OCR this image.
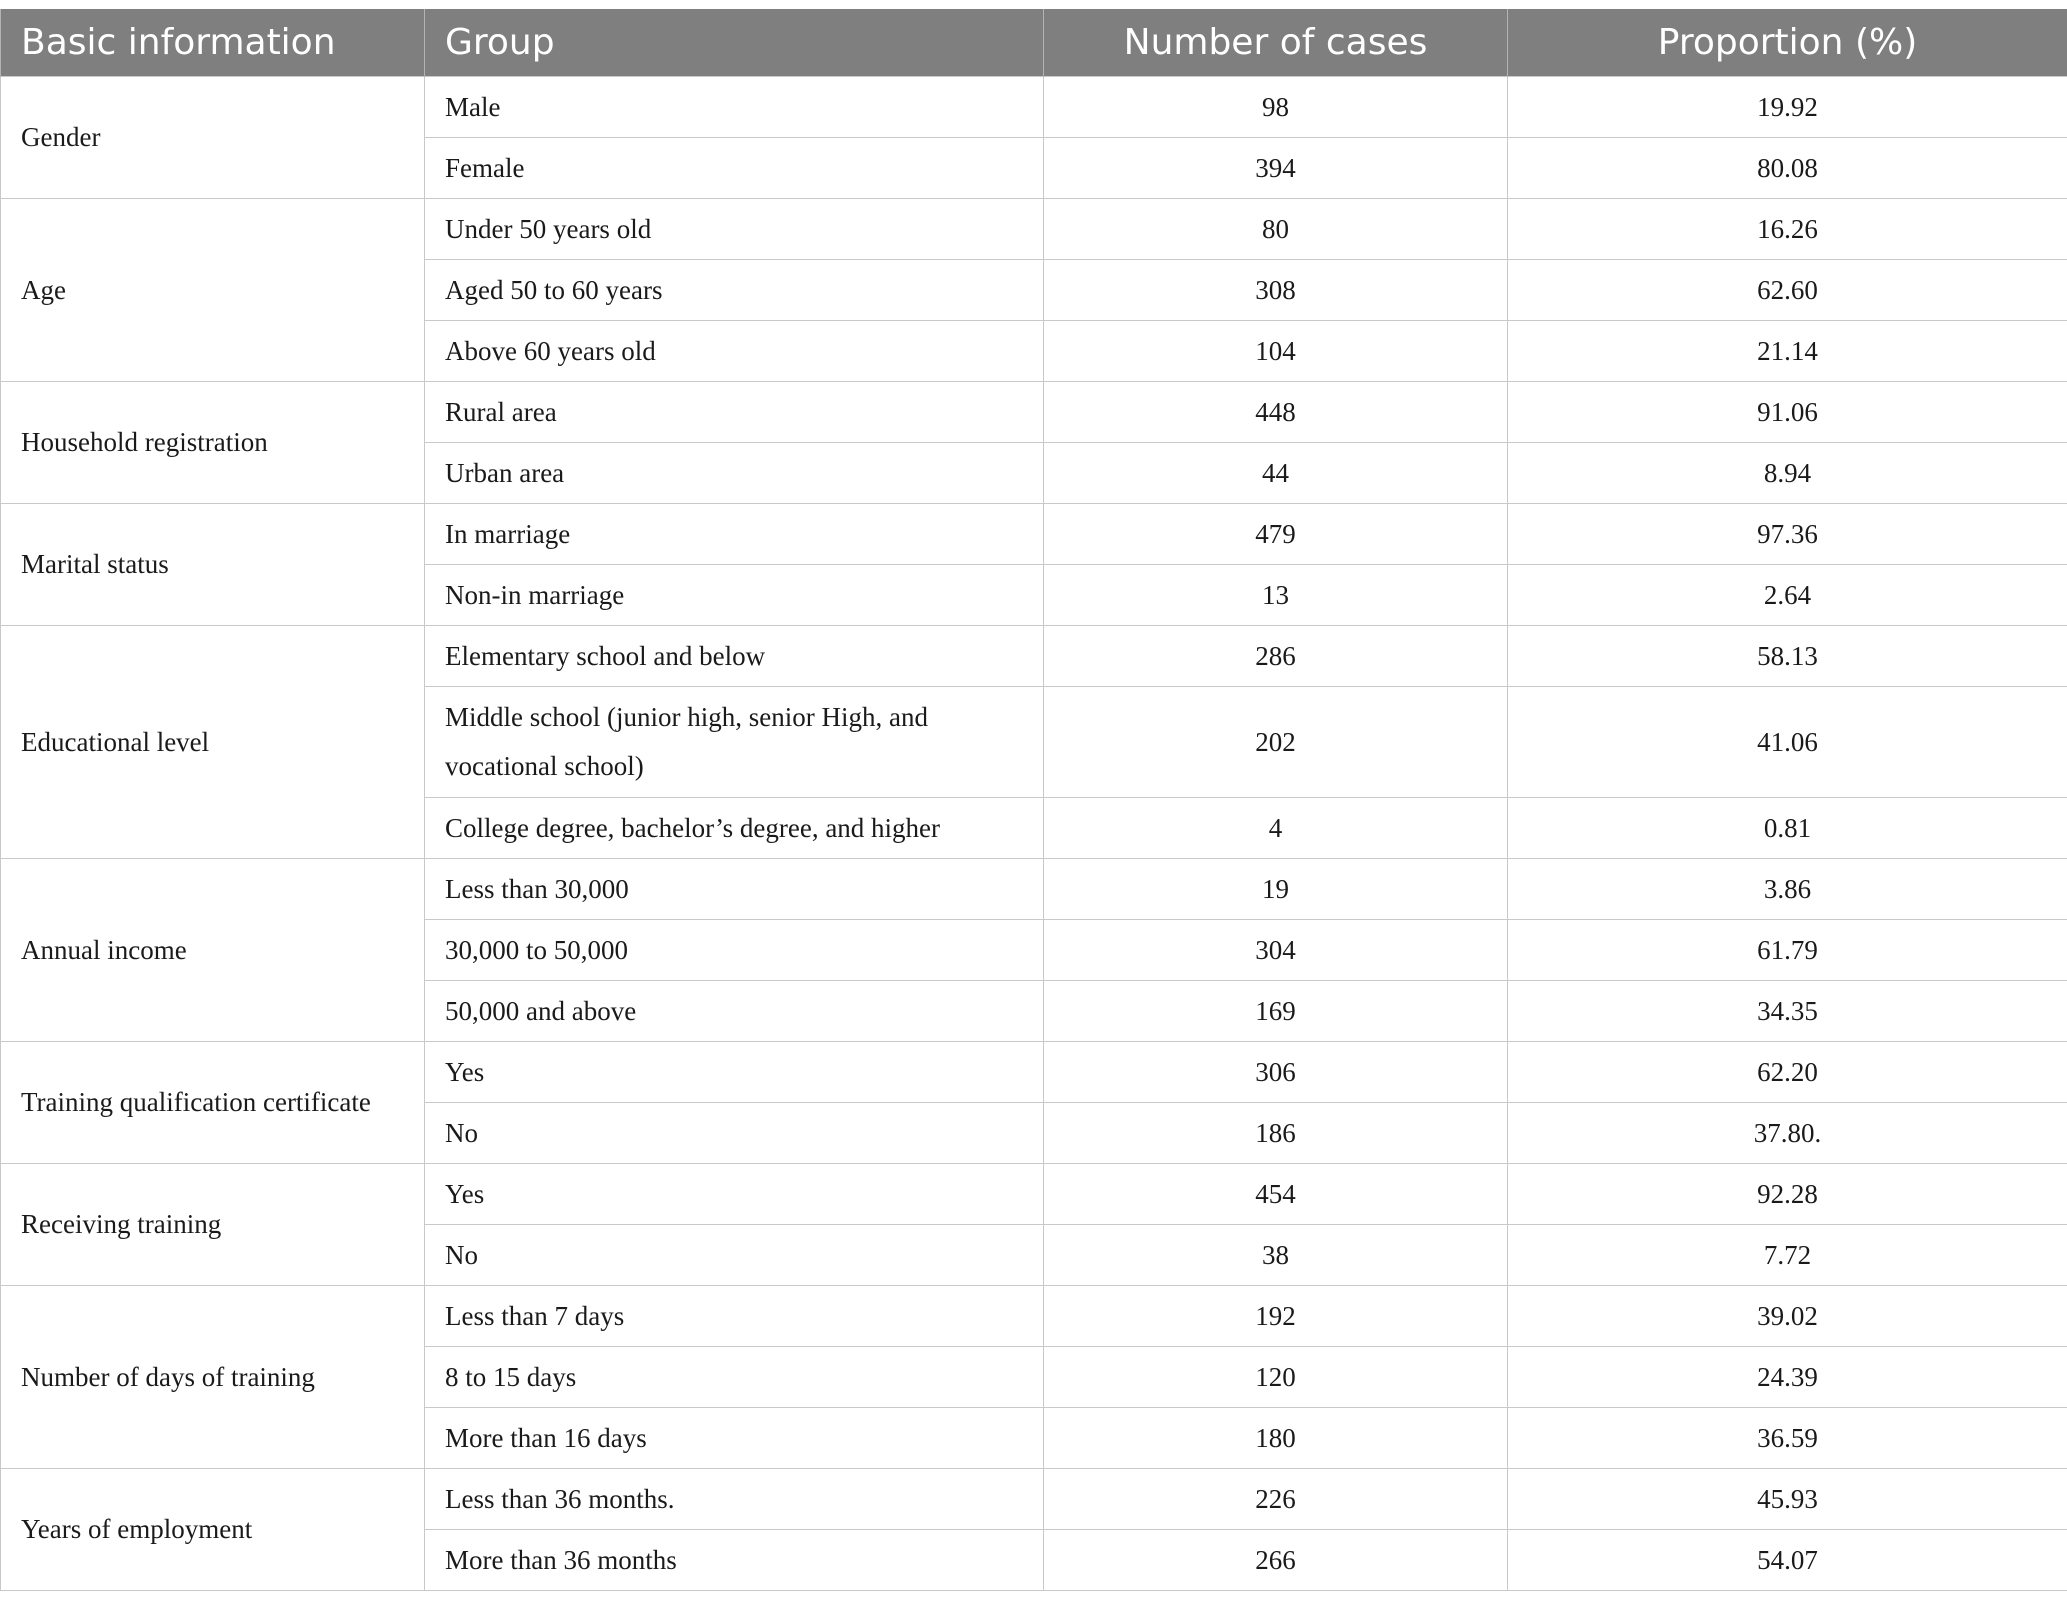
Basic information	Group	Number of cases	Proportion (%)
Gender	Male	98	19.92
	Female	394	80.08
Age	Under 50 years old	80	16.26
	Aged 50 to 60 years	308	62.60
	Above 60 years old	104	21.14
Household registration	Rural area	448	91.06
	Urban area	44	8.94
Marital status	In marriage	479	97.36
	Non-in marriage	13	2.64
Educational level	Elementary school and below	286	58.13
	Middle school (junior high, senior High, and vocational school)	202	41.06
	College degree, bachelor’s degree, and higher	4	0.81
Annual income	Less than 30,000	19	3.86
	30,000 to 50,000	304	61.79
	50,000 and above	169	34.35
Training qualification certificate	Yes	306	62.20
	No	186	37.80.
Receiving training	Yes	454	92.28
	No	38	7.72
Number of days of training	Less than 7 days	192	39.02
	8 to 15 days	120	24.39
	More than 16 days	180	36.59
Years of employment	Less than 36 months.	226	45.93
	More than 36 months	266	54.07
